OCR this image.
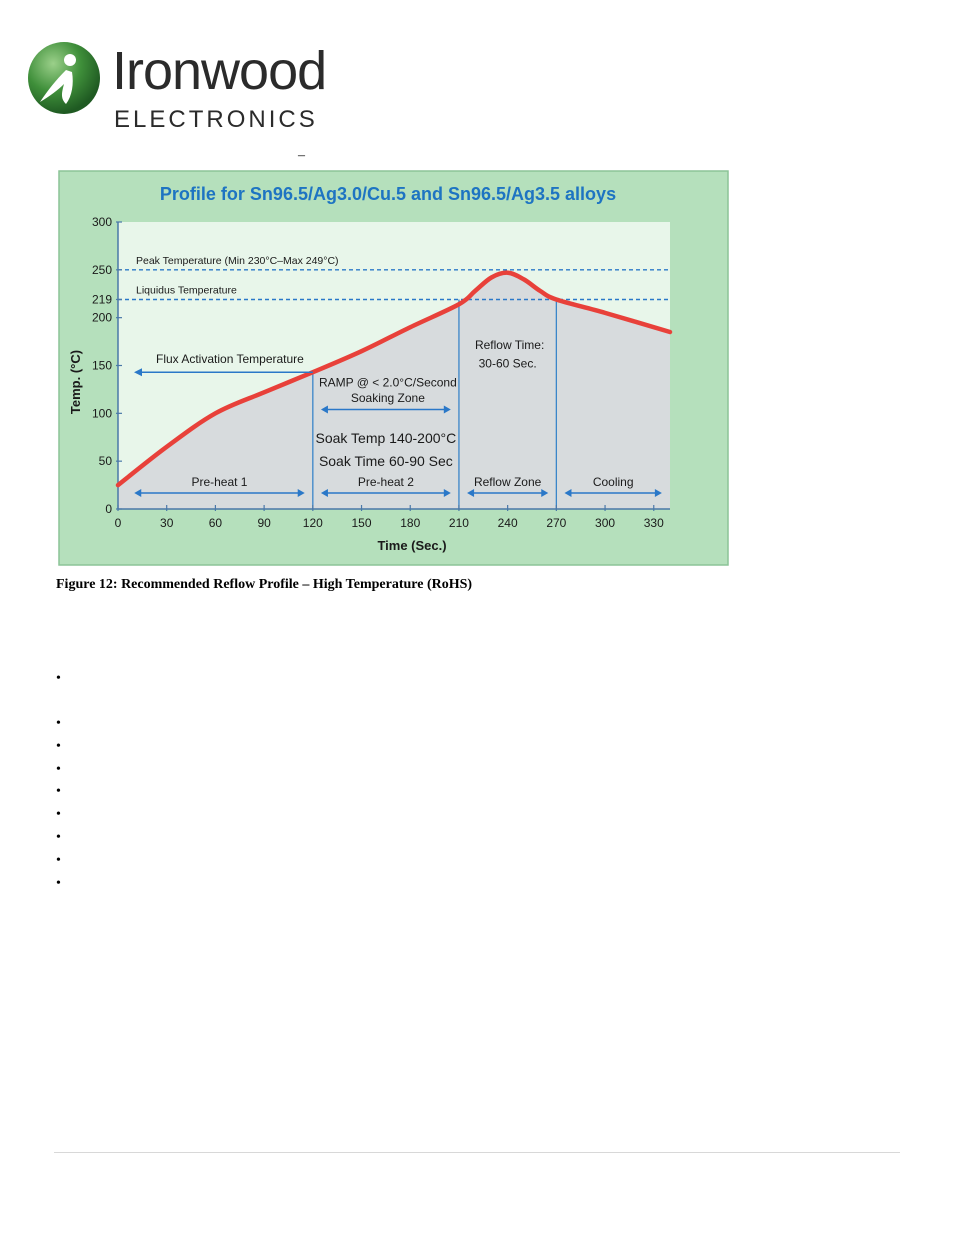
Ironwood
ELECTRONICS
–
Profile for Sn96.5/Ag3.0/Cu.5 and Sn96.5/Ag3.5 alloys
Peak Temperature (Min 230°C–Max 249°C)
Liquidus Temperature
0
50
100
150
200
219
250
300
0	30	60	90	120 150 180 210 240 270 300 330
Pre-heat 1	Pre-heat 2	Reflow Zone	Cooling
Flux Activation Temperature
RAMP @ < 2.0°C/Second
Soaking Zone
Soak Temp 140-200°C
Soak Time 60-90 Sec
Reflow Time:
30-60 Sec.
Time (Sec.)
Temp. (°C)
Figure 12: Recommended Reflow Profile – High Temperature (RoHS)
•
•
•
•
•
•
•
•
•
